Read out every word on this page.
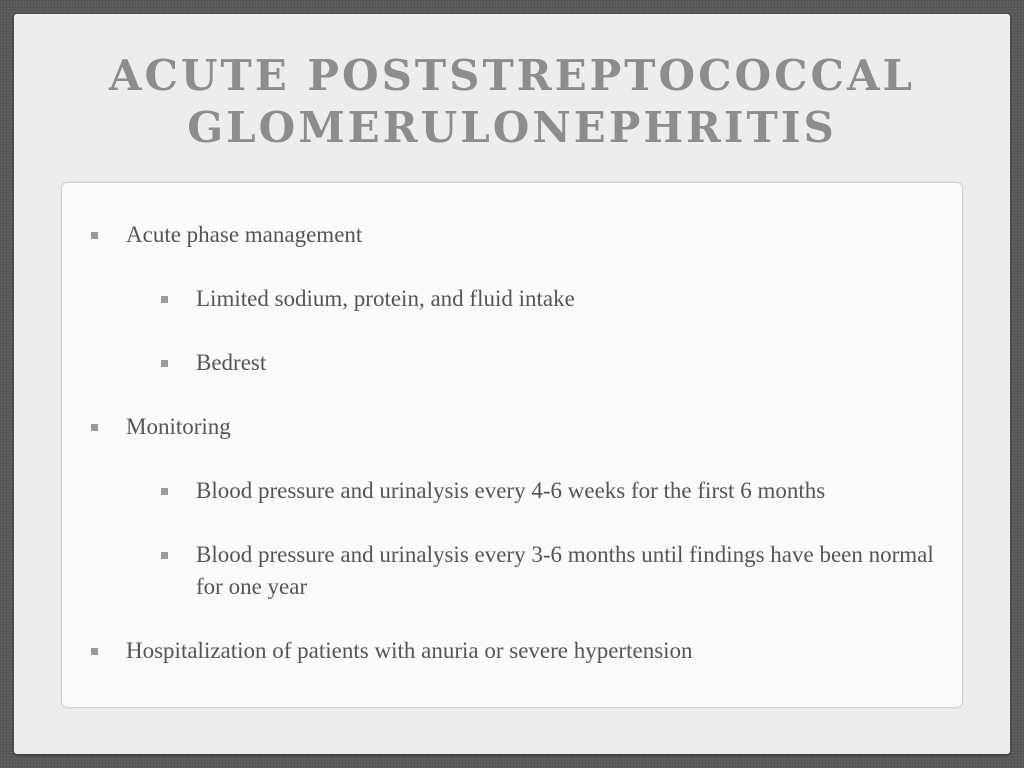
ACUTE POSTSTREPTOCOCCAL
GLOMERULONEPHRITIS
Acute phase management
Limited sodium, protein, and fluid intake
Bedrest
Monitoring
Blood pressure and urinalysis every 4-6 weeks for the first 6 months
Blood pressure and urinalysis every 3-6 months until findings have been normal for one year
Hospitalization of patients with anuria or severe hypertension
